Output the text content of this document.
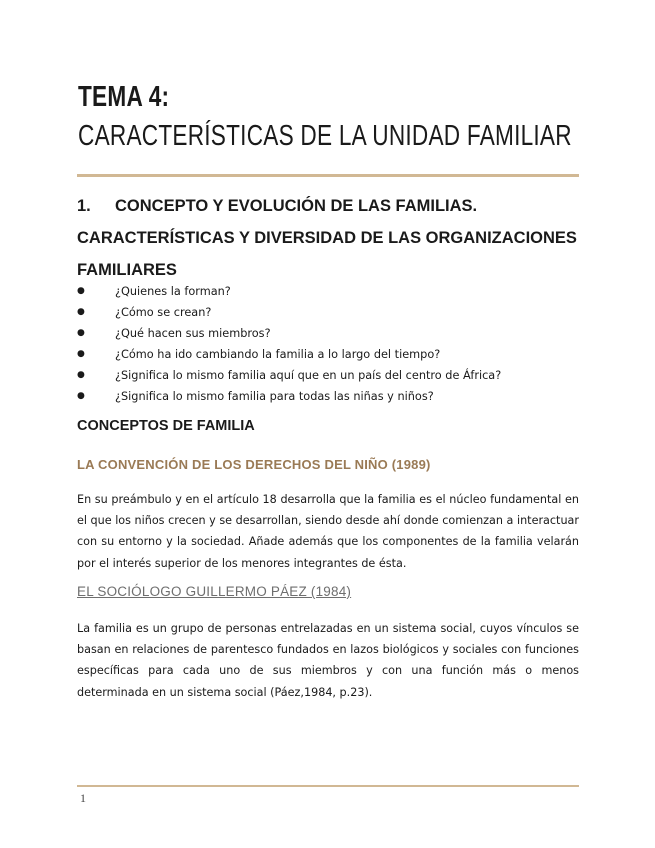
TEMA 4:
CARACTERÍSTICAS DE LA UNIDAD FAMILIAR
1. CONCEPTO Y EVOLUCIÓN DE LAS FAMILIAS.
CARACTERÍSTICAS Y DIVERSIDAD DE LAS ORGANIZACIONES
FAMILIARES
●	¿Quienes la forman?
●	¿Cómo se crean?
●	¿Qué hacen sus miembros?
●	¿Cómo ha ido cambiando la familia a lo largo del tiempo?
●	¿Significa lo mismo familia aquí que en un país del centro de África?
●	¿Significa lo mismo familia para todas las niñas y niños?
CONCEPTOS DE FAMILIA
LA CONVENCIÓN DE LOS DERECHOS DEL NIÑO (1989)
En su preámbulo y en el artículo 18 desarrolla que la familia es el núcleo fundamental en el que los niños crecen y se desarrollan, siendo desde ahí donde comienzan a interactuar con su entorno y la sociedad. Añade además que los componentes de la familia velarán por el interés superior de los menores integrantes de ésta.
EL SOCIÓLOGO GUILLERMO PÁEZ (1984)
La familia es un grupo de personas entrelazadas en un sistema social, cuyos vínculos se basan en relaciones de parentesco fundados en lazos biológicos y sociales con funciones específicas para cada uno de sus miembros y con una función más o menos determinada en un sistema social (Páez,1984, p.23).
1
